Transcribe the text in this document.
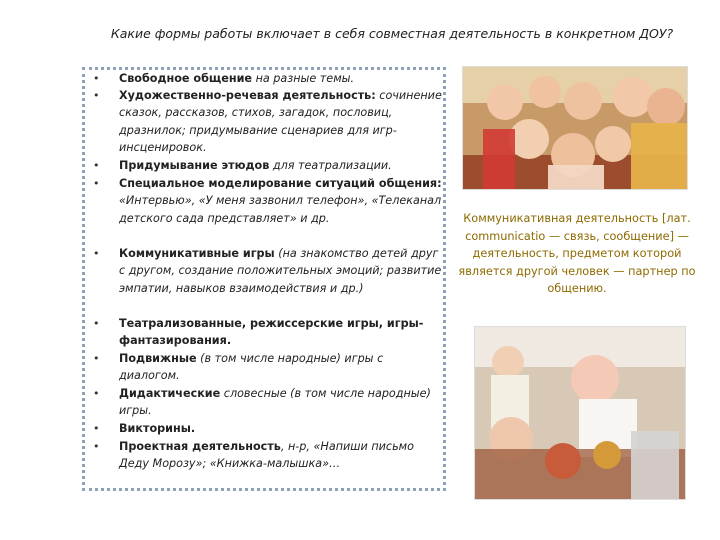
Какие формы работы включает в себя совместная деятельность в конкретном ДОУ?
• Свободное общение на разные темы.
• Художественно-речевая деятельность: сочинение сказок, рассказов, стихов, загадок, пословиц, дразнилок; придумывание сценариев для игр-инсценировок.
• Придумывание этюдов для театрализации.
• Специальное моделирование ситуаций общения: «Интервью», «У меня зазвонил телефон», «Телеканал детского сада представляет» и др.
• Коммуникативные игры (на знакомство детей друг с другом, создание положительных эмоций; развитие эмпатии, навыков взаимодействия и др.)
• Театрализованные, режиссерские игры, игры-фантазирования.
• Подвижные (в том числе народные) игры с диалогом.
• Дидактические словесные (в том числе народные) игры.
• Викторины.
• Проектная деятельность, н-р, «Напиши письмо Деду Морозу»; «Книжка-малышка»…
Коммуникативная деятельность [лат. communicatio — связь, сообщение] — деятельность, предметом которой является другой человек — партнер по общению.
